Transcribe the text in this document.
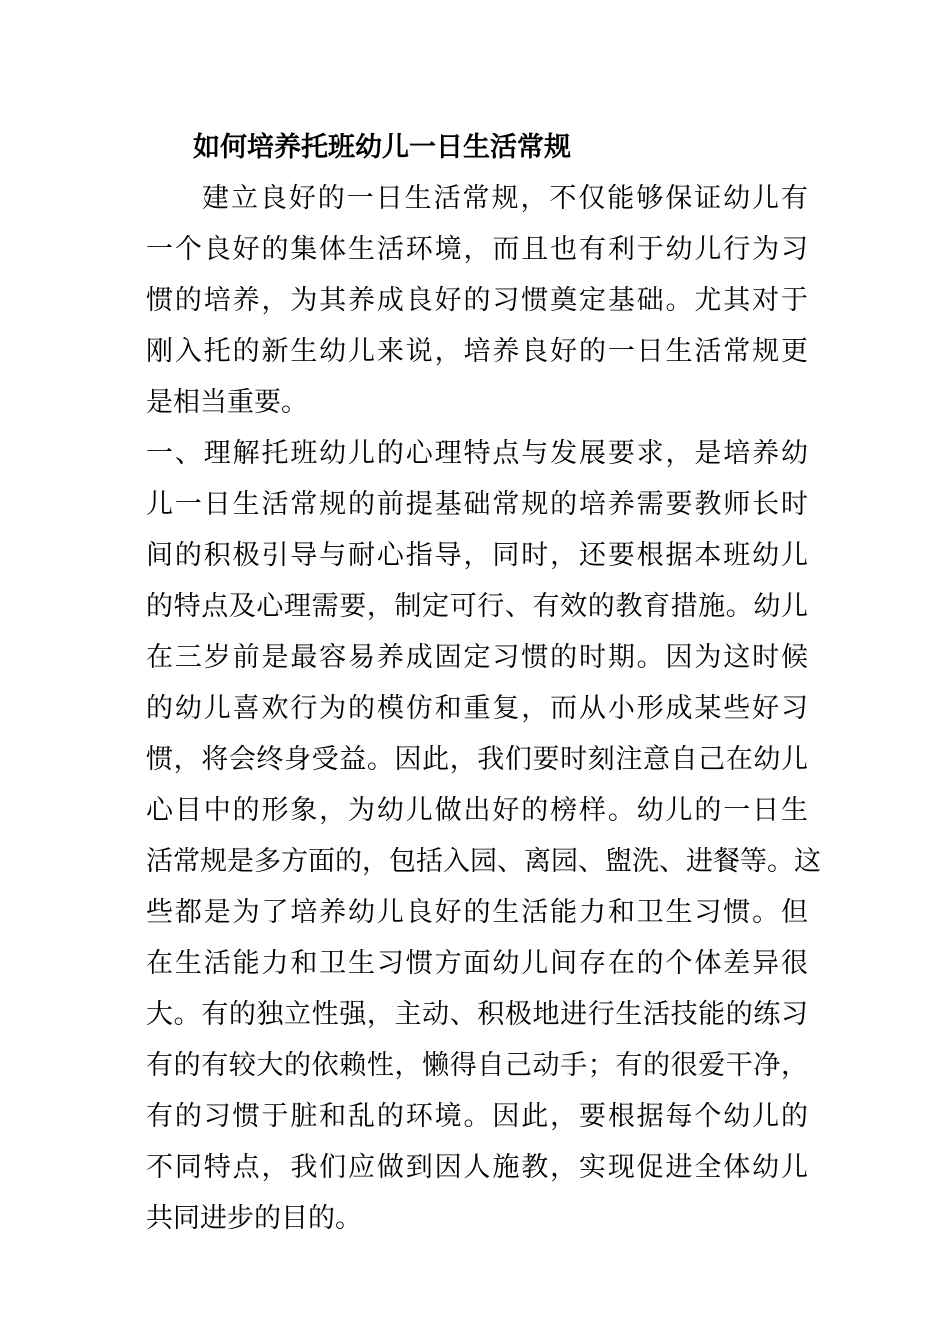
如何培养托班幼儿一日生活常规
建立良好的一日生活常规，不仅能够保证幼儿有
一个良好的集体生活环境，而且也有利于幼儿行为习
惯的培养，为其养成良好的习惯奠定基础。尤其对于
刚入托的新生幼儿来说，培养良好的一日生活常规更
是相当重要。
一、理解托班幼儿的心理特点与发展要求，是培养幼
儿一日生活常规的前提基础常规的培养需要教师长时
间的积极引导与耐心指导，同时，还要根据本班幼儿
的特点及心理需要，制定可行、有效的教育措施。幼儿
在三岁前是最容易养成固定习惯的时期。因为这时候
的幼儿喜欢行为的模仿和重复，而从小形成某些好习
惯，将会终身受益。因此，我们要时刻注意自己在幼儿
心目中的形象，为幼儿做出好的榜样。幼儿的一日生
活常规是多方面的，包括入园、离园、盥洗、进餐等。这
些都是为了培养幼儿良好的生活能力和卫生习惯。但
在生活能力和卫生习惯方面幼儿间存在的个体差异很
大。有的独立性强，主动、积极地进行生活技能的练习
有的有较大的依赖性，懒得自己动手；有的很爱干净，
有的习惯于脏和乱的环境。因此，要根据每个幼儿的
不同特点，我们应做到因人施教，实现促进全体幼儿
共同进步的目的。
